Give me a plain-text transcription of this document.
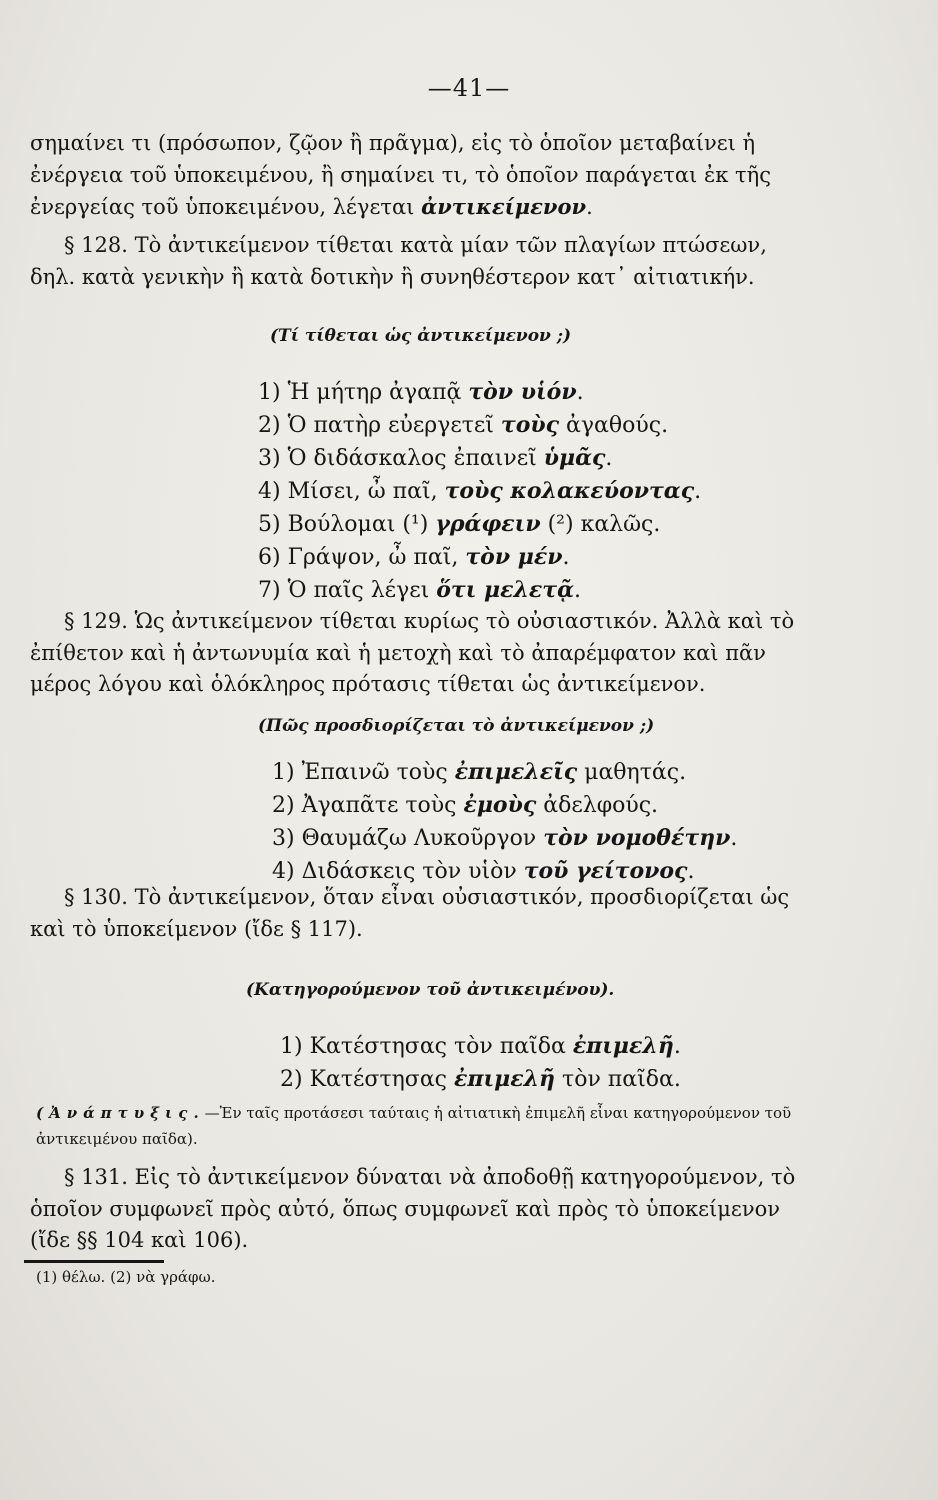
—41—

σημαίνει τι (πρόσωπον, ζῷον ἢ πρᾶγμα), εἰς τὸ ὁποῖον μεταβαίνει ἡ ἐνέργεια τοῦ ὑποκειμένου, ἢ σημαίνει τι, τὸ ὁποῖον παράγεται ἐκ τῆς ἐνεργείας τοῦ ὑποκειμένου, λέγεται ἀντικείμενον.

§ 128. Τὸ ἀντικείμενον τίθεται κατὰ μίαν τῶν πλαγίων πτώσεων, δηλ. κατὰ γενικὴν ἢ κατὰ δοτικὴν ἢ συνηθέστερον κατ᾽ αἰτιατικήν.

(Τί τίθεται ὡς ἀντικείμενον ;)
1) Ἡ μήτηρ ἀγαπᾷ τὸν υἱόν.
2) Ὁ πατὴρ εὐεργετεῖ τοὺς ἀγαθούς.
3) Ὁ διδάσκαλος ἐπαινεῖ ὑμᾶς.
4) Μίσει, ὦ παῖ, τοὺς κολακεύοντας.
5) Βούλομαι (¹) γράφειν (²) καλῶς.
6) Γράψον, ὦ παῖ, τὸν μέν.
7) Ὁ παῖς λέγει ὅτι μελετᾷ.

§ 129. Ὡς ἀντικείμενον τίθεται κυρίως τὸ οὐσιαστικόν. Ἀλλὰ καὶ τὸ ἐπίθετον καὶ ἡ ἀντωνυμία καὶ ἡ μετοχὴ καὶ τὸ ἀπαρέμφατον καὶ πᾶν μέρος λόγου καὶ ὁλόκληρος πρότασις τίθεται ὡς ἀντικείμενον.

(Πῶς προσδιορίζεται τὸ ἀντικείμενον ;)
1) Ἐπαινῶ τοὺς ἐπιμελεῖς μαθητάς.
2) Ἀγαπᾶτε τοὺς ἐμοὺς ἀδελφούς.
3) Θαυμάζω Λυκοῦργον τὸν νομοθέτην.
4) Διδάσκεις τὸν υἱὸν τοῦ γείτονος.

§ 130. Τὸ ἀντικείμενον, ὅταν εἶναι οὐσιαστικόν, προσδιορίζεται ὡς καὶ τὸ ὑποκείμενον (ἴδε § 117).

(Κατηγορούμενον τοῦ ἀντικειμένου).
1) Κατέστησας τὸν παῖδα ἐπιμελῆ.
2) Κατέστησας ἐπιμελῆ τὸν παῖδα.
(Ἀνάπτυξις.—Ἐν ταῖς προτάσεσι ταύταις ἡ αἰτιατικὴ ἐπιμελῆ εἶναι κατηγορούμενον τοῦ ἀντικειμένου παῖδα).

§ 131. Εἰς τὸ ἀντικείμενον δύναται νὰ ἀποδοθῇ κατηγορούμενον, τὸ ὁποῖον συμφωνεῖ πρὸς αὐτό, ὅπως συμφωνεῖ καὶ πρὸς τὸ ὑποκείμενον (ἴδε §§ 104 καὶ 106).

(1) θέλω. (2) νὰ γράφω.
